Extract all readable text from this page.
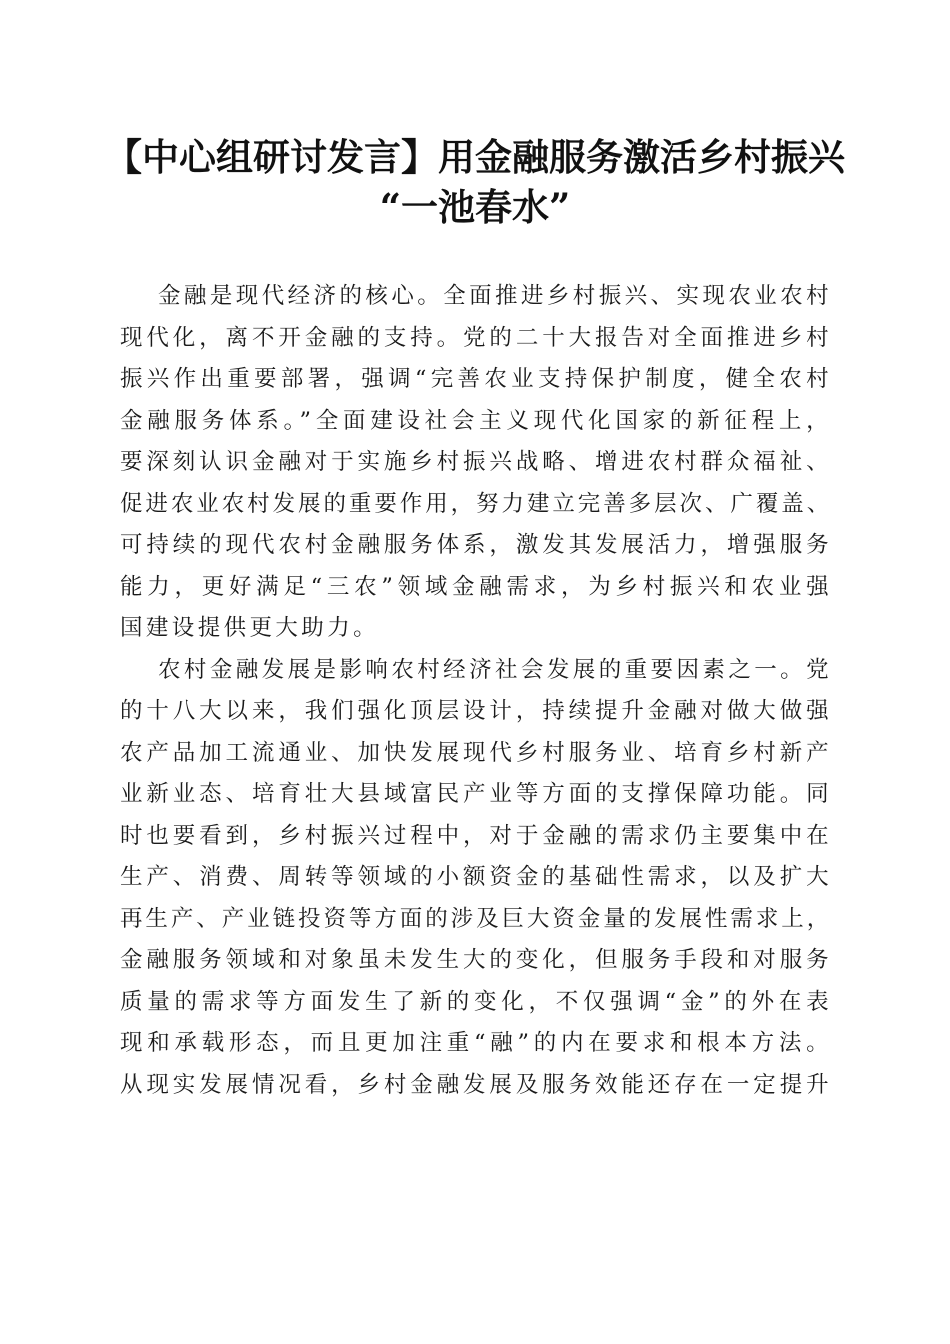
【中心组研讨发言】用金融服务激活乡村振兴
“一池春水”

金融是现代经济的核心。全面推进乡村振兴、实现农业农村
现代化，离不开金融的支持。党的二十大报告对全面推进乡村
振兴作出重要部署，强调“完善农业支持保护制度，健全农村
金融服务体系。”全面建设社会主义现代化国家的新征程上，
要深刻认识金融对于实施乡村振兴战略、增进农村群众福祉、
促进农业农村发展的重要作用，努力建立完善多层次、广覆盖、
可持续的现代农村金融服务体系，激发其发展活力，增强服务
能力，更好满足“三农”领域金融需求，为乡村振兴和农业强
国建设提供更大助力。

农村金融发展是影响农村经济社会发展的重要因素之一。党
的十八大以来，我们强化顶层设计，持续提升金融对做大做强
农产品加工流通业、加快发展现代乡村服务业、培育乡村新产
业新业态、培育壮大县域富民产业等方面的支撑保障功能。同
时也要看到，乡村振兴过程中，对于金融的需求仍主要集中在
生产、消费、周转等领域的小额资金的基础性需求，以及扩大
再生产、产业链投资等方面的涉及巨大资金量的发展性需求上，
金融服务领域和对象虽未发生大的变化，但服务手段和对服务
质量的需求等方面发生了新的变化，不仅强调“金”的外在表
现和承载形态，而且更加注重“融”的内在要求和根本方法。
从现实发展情况看，乡村金融发展及服务效能还存在一定提升
